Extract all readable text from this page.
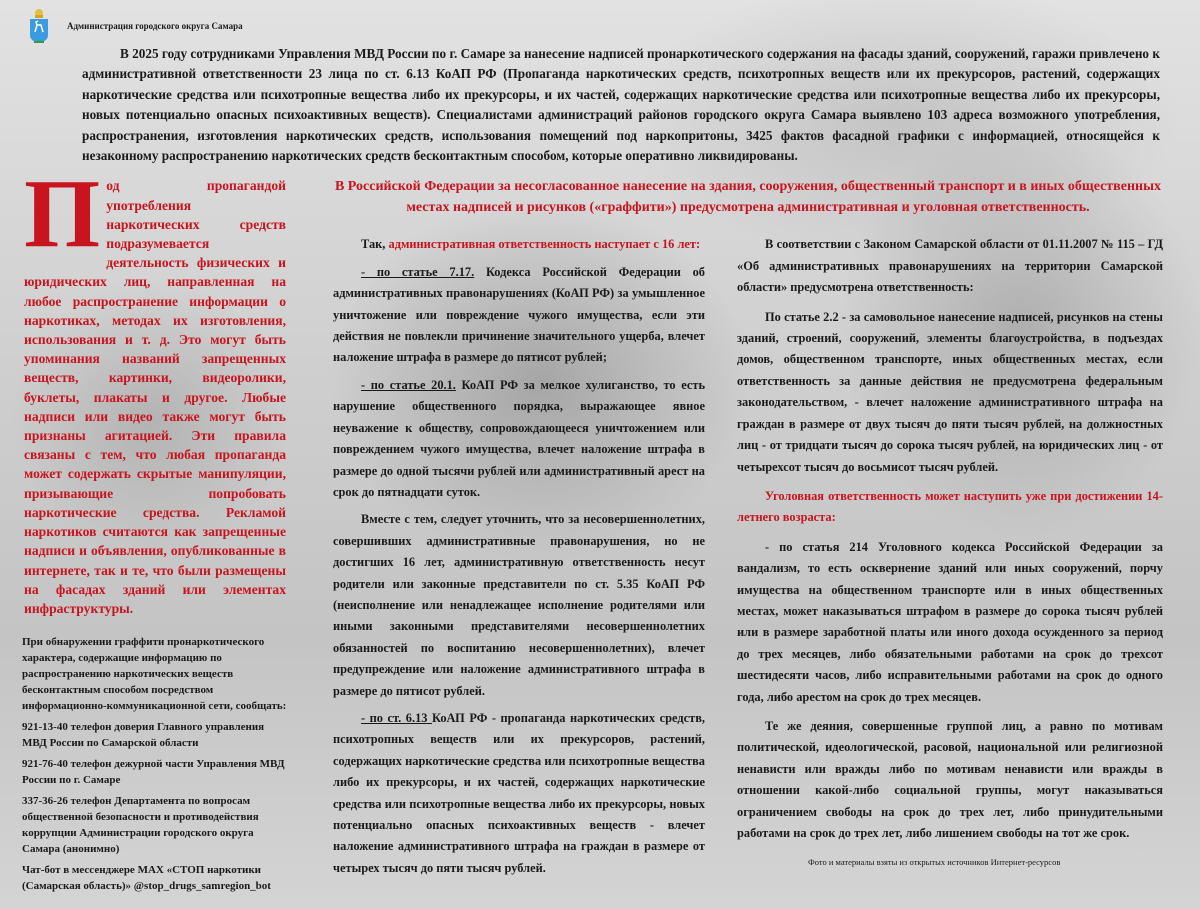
Администрация городского округа Самара

В 2025 году сотрудниками Управления МВД России по г. Самаре за нанесение надписей пронаркотического содержания на фасады зданий, сооружений, гаражи привлечено к административной ответственности 23 лица по ст. 6.13 КоАП РФ (Пропаганда наркотических средств, психотропных веществ или их прекурсоров, растений, содержащих наркотические средства или психотропные вещества либо их прекурсоры, и их частей, содержащих наркотические средства или психотропные вещества либо их прекурсоры, новых потенциально опасных психоактивных веществ). Специалистами администраций районов городского округа Самара выявлено 103 адреса возможного употребления, распространения, изготовления наркотических средств, использования помещений под наркопритоны, 3425 фактов фасадной графики с информацией, относящейся к незаконному распространению наркотических средств бесконтактным способом, которые оперативно ликвидированы.

П од пропагандой употребления наркотических средств подразумевается деятельность физических и юридических лиц, направленная на любое распространение информации о наркотиках, методах их изготовления, использования и т. д. Это могут быть упоминания названий запрещенных веществ, картинки, видеоролики, буклеты, плакаты и другое. Любые надписи или видео также могут быть признаны агитацией. Эти правила связаны с тем, что любая пропаганда может содержать скрытые манипуляции, призывающие попробовать наркотические средства. Рекламой наркотиков считаются как запрещенные надписи и объявления, опубликованные в интернете, так и те, что были размещены на фасадах зданий или элементах инфраструктуры.

При обнаружении граффити пронаркотического характера, содержащие информацию по распространению наркотических веществ бесконтактным способом посредством информационно-коммуникационной сети, сообщать:

921-13-40 телефон доверия Главного управления МВД России по Самарской области

921-76-40 телефон дежурной части Управления МВД России по г. Самаре

337-36-26 телефон Департамента по вопросам общественной безопасности и противодействия коррупции Администрации городского округа Самара (анонимно)

Чат-бот в мессенджере MAX «СТОП наркотики (Самарская область)» @stop_drugs_samregion_bot

В Российской Федерации за несогласованное нанесение на здания, сооружения, общественный транспорт и в иных общественных местах надписей и рисунков («граффити») предусмотрена административная и уголовная ответственность.

Так, административная ответственность наступает с 16 лет:

- по статье 7.17. Кодекса Российской Федерации об административных правонарушениях (КоАП РФ) за умышленное уничтожение или повреждение чужого имущества, если эти действия не повлекли причинение значительного ущерба, влечет наложение штрафа в размере до пятисот рублей;

- по статье 20.1. КоАП РФ за мелкое хулиганство, то есть нарушение общественного порядка, выражающее явное неуважение к обществу, сопровождающееся уничтожением или повреждением чужого имущества, влечет наложение штрафа в размере до одной тысячи рублей или административный арест на срок до пятнадцати суток.

Вместе с тем, следует уточнить, что за несовершеннолетних, совершивших административные правонарушения, но не достигших 16 лет, административную ответственность несут родители или законные представители по ст. 5.35 КоАП РФ (неисполнение или ненадлежащее исполнение родителями или иными законными представителями несовершеннолетних обязанностей по воспитанию несовершеннолетних), влечет предупреждение или наложение административного штрафа в размере до пятисот рублей.

- по ст. 6.13 КоАП РФ - пропаганда наркотических средств, психотропных веществ или их прекурсоров, растений, содержащих наркотические средства или психотропные вещества либо их прекурсоры, и их частей, содержащих наркотические средства или психотропные вещества либо их прекурсоры, новых потенциально опасных психоактивных веществ - влечет наложение административного штрафа на граждан в размере от четырех тысяч до пяти тысяч рублей.

В соответствии с Законом Самарской области от 01.11.2007 № 115 – ГД «Об административных правонарушениях на территории Самарской области» предусмотрена ответственность:

По статье 2.2 - за самовольное нанесение надписей, рисунков на стены зданий, строений, сооружений, элементы благоустройства, в подъездах домов, общественном транспорте, иных общественных местах, если ответственность за данные действия не предусмотрена федеральным законодательством, - влечет наложение административного штрафа на граждан в размере от двух тысяч до пяти тысяч рублей, на должностных лиц - от тридцати тысяч до сорока тысяч рублей, на юридических лиц - от четырехсот тысяч до восьмисот тысяч рублей.

Уголовная ответственность может наступить уже при достижении 14-летнего возраста:

- по статья 214 Уголовного кодекса Российской Федерации за вандализм, то есть осквернение зданий или иных сооружений, порчу имущества на общественном транспорте или в иных общественных местах, может наказываться штрафом в размере до сорока тысяч рублей или в размере заработной платы или иного дохода осужденного за период до трех месяцев, либо обязательными работами на срок до трехсот шестидесяти часов, либо исправительными работами на срок до одного года, либо арестом на срок до трех месяцев.

Те же деяния, совершенные группой лиц, а равно по мотивам политической, идеологической, расовой, национальной или религиозной ненависти или вражды либо по мотивам ненависти или вражды в отношении какой-либо социальной группы, могут наказываться ограничением свободы на срок до трех лет, либо принудительными работами на срок до трех лет, либо лишением свободы на тот же срок.

Фото и материалы взяты из открытых источников Интернет-ресурсов
